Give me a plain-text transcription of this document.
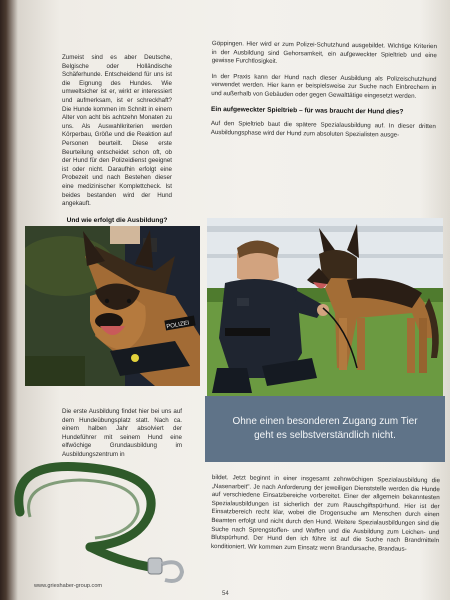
Zumeist sind es aber Deutsche, Belgische oder Holländische Schäferhunde. Entscheidend für uns ist die Eignung des Hundes. Wie umweltsicher ist er, wirkt er interessiert und aufmerksam, ist er schreckhaft? Die Hunde kommen im Schnitt in einem Alter von acht bis achtzehn Monaten zu uns. Als Auswahlkriterien werden Körperbau, Größe und die Reaktion auf Personen beurteilt. Diese erste Beurteilung entscheidet schon oft, ob der Hund für den Polizeidienst geeignet ist oder nicht. Daraufhin erfolgt eine Probezeit und nach Bestehen dieser eine medizinischer Komplettcheck. Ist beides bestanden wird der Hund angekauft.

Und wie erfolgt die Ausbildung?

Göppingen. Hier wird er zum Polizei-Schutzhund ausgebildet. Wichtige Kriterien in der Ausbildung sind Gehorsamkeit, ein aufgeweckter Spieltrieb und eine gewisse Furchtlosigkeit.

In der Praxis kann der Hund nach dieser Ausbildung als Polizeischutzhund verwendet werden. Hier kann er beispielsweise zur Suche nach Einbrechern in und außerhalb von Gebäuden oder gegen Gewalttätige eingesetzt werden.

Ein aufgeweckter Spieltrieb – für was braucht der Hund dies?

Auf den Spieltrieb baut die spätere Spezialausbildung auf. In dieser dritten Ausbildungsphase wird der Hund zum absoluten Spezialisten ausge-

POLIZEI
Ohne einen besonderen Zugang zum Tier
geht es selbstverständlich nicht.

Die erste Ausbildung findet hier bei uns auf dem Hundeübungsplatz statt. Nach ca. einem halben Jahr absolviert der Hundeführer mit seinem Hund eine elfwöchige Grundausbildung im Ausbildungszentrum in

bildet. Jetzt beginnt in einer insgesamt zehnwöchigen Spezialausbildung die „Nasenarbeit". Je nach Anforderung der jeweiligen Dienststelle werden die Hunde auf verschiedene Einsatzbereiche vorbereitet. Einer der allgemein bekanntesten Spezialausbildungen ist sicherlich der zum Rauschgiftspürhund. Hier ist der Einsatzbereich recht klar, wobei die Drogensuche am Menschen durch einen Beamten erfolgt und nicht durch den Hund. Weitere Spezialausbildungen sind die Suche nach Sprengstoffen- und Waffen und die Ausbildung zum Leichen- und Blutspürhund. Der Hund den ich führe ist auf die Suche nach Brandmitteln konditioniert. Wir kommen zum Einsatz wenn Brandursache, Brandaus-

www.grieshaber-group.com
54
